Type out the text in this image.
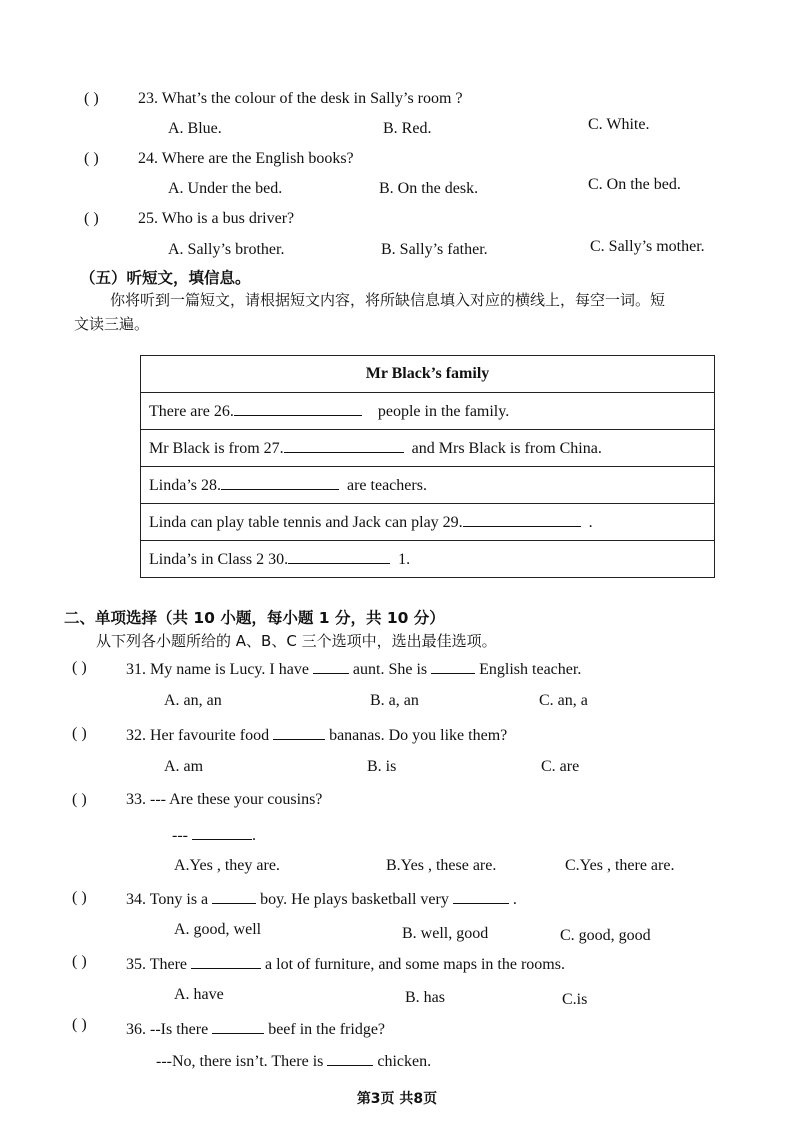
( ) 23. What’s the colour of the desk in Sally’s room ?
A. Blue.	B. Red.	C. White.
( ) 24. Where are the English books?
A. Under the bed.	B. On the desk.	C. On the bed.
( ) 25. Who is a bus driver?
A. Sally’s brother.	B. Sally’s father.	C. Sally’s mother.
（五）听短文，填信息。
你将听到一篇短文，请根据短文内容，将所缺信息填入对应的横线上，每空一词。短
文读三遍。
Mr Black’s family
There are 26.	people in the family.
Mr Black is from 27.	and Mrs Black is from China.
Linda’s 28.	are teachers.
Linda can play table tennis and Jack can play 29.	.
Linda’s in Class 2 30.	1.
二、单项选择（共 10 小题，每小题 1 分，共 10 分）
从下列各小题所给的 A、B、C 三个选项中，选出最佳选项。
( ) 31. My name is Lucy. I have	aunt. She is	English teacher.
A. an, an	B. a, an	C. an, a
( ) 32. Her favourite food	bananas. Do you like them?
A. am	B. is	C. are
( ) 33. --- Are these your cousins?
---	.
A.Yes , they are.	B.Yes , these are.	C.Yes , there are.
( ) 34. Tony is a	boy. He plays basketball very	.
A. good, well	B. well, good	C. good, good
( ) 35. There	a lot of furniture, and some maps in the rooms.
A. have	B. has	C.is
( ) 36. --Is there	beef in the fridge?
---No, there isn’t. There is	chicken.
第3页 共8页
